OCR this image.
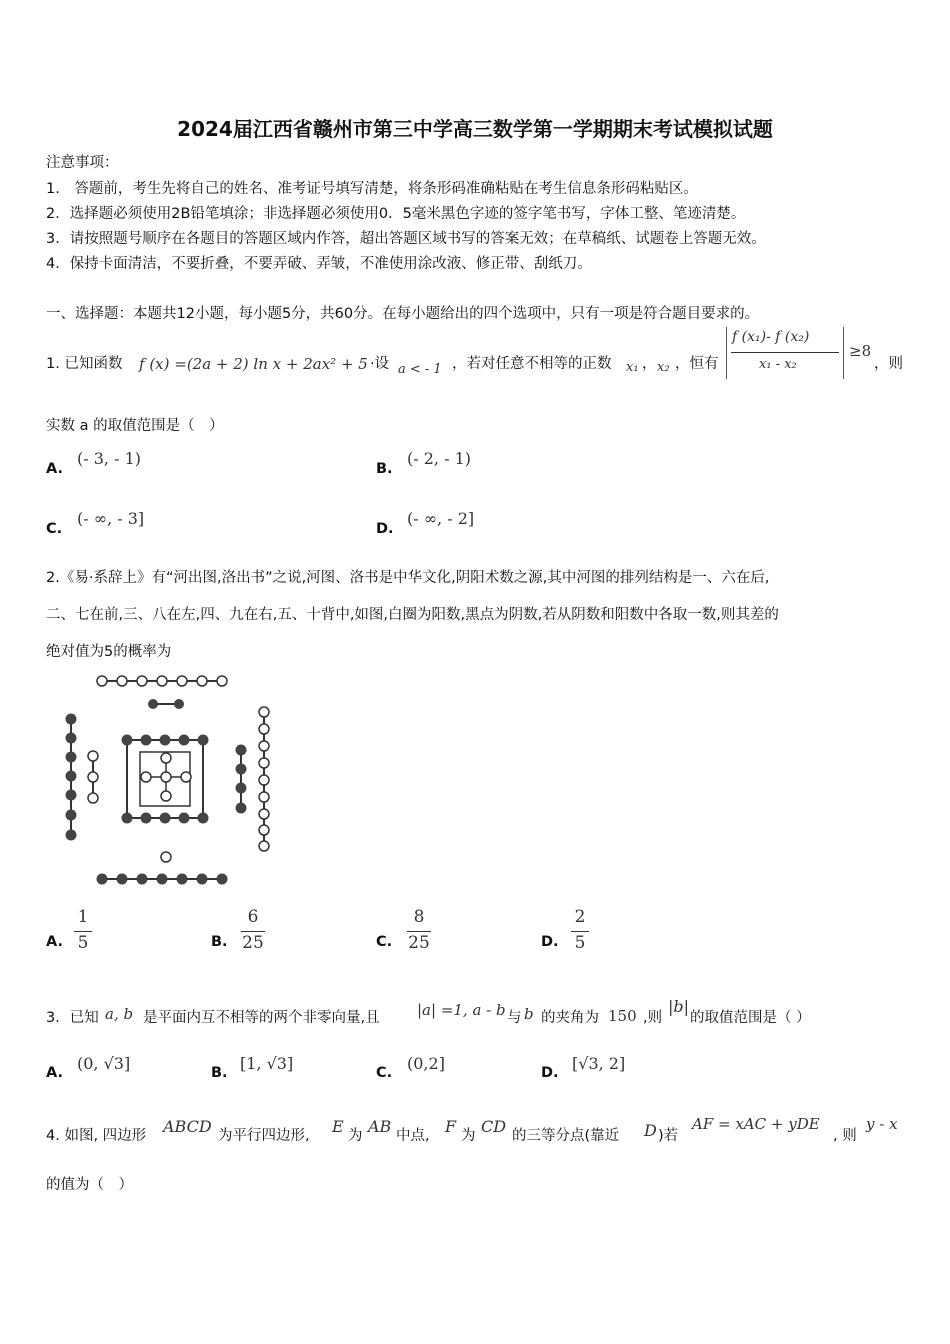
2024届江西省赣州市第三中学高三数学第一学期期末考试模拟试题
注意事项：
1.　答题前，考生先将自己的姓名、准考证号填写清楚，将条形码准确粘贴在考生信息条形码粘贴区。
2．选择题必须使用2B铅笔填涂；非选择题必须使用0．5毫米黑色字迹的签字笔书写，字体工整、笔迹清楚。
3．请按照题号顺序在各题目的答题区域内作答，超出答题区域书写的答案无效；在草稿纸、试题卷上答题无效。
4．保持卡面清洁，不要折叠，不要弄破、弄皱，不准使用涂改液、修正带、刮纸刀。
一、选择题：本题共12小题，每小题5分，共60分。在每小题给出的四个选项中，只有一项是符合题目要求的。
1. 已知函数 f (x) =(2a + 2) ln x + 2ax² + 5 ·设 a < - 1 ，若对任意不相等的正数 x₁ ， x₂ ，恒有
f (x₁)- f (x₂)
x₁ - x₂
≥8
，则
实数 a 的取值范围是（　）
A.
(- 3, - 1)
B.
(- 2, - 1)
C.
(- ∞, - 3]
D.
(- ∞, - 2]
2.《易·系辞上》有“河出图,洛出书”之说,河图、洛书是中华文化,阴阳术数之源,其中河图的排列结构是一、六在后,
二、七在前,三、八在左,四、九在右,五、十背中,如图,白圈为阳数,黑点为阴数,若从阴数和阳数中各取一数,则其差的
绝对值为5的概率为
A.
1
5	B.
6
25	C.
8
25	D.
2
5
3．已知 a, b 是平面内互不相等的两个非零向量,且 |a| =1, a - b 与 b 的夹角为 150 ,则
|b|
的取值范围是（ ）
A. (0, √3]	B. [1, √3]	C. (0,2]	D. [√3, 2]
4. 如图, 四边形 ABCD 为平行四边形, E 为 AB 中点, F 为 CD 的三等分点(靠近 D )若
AF = xAC + yDE
, 则
y - x
的值为（　）
